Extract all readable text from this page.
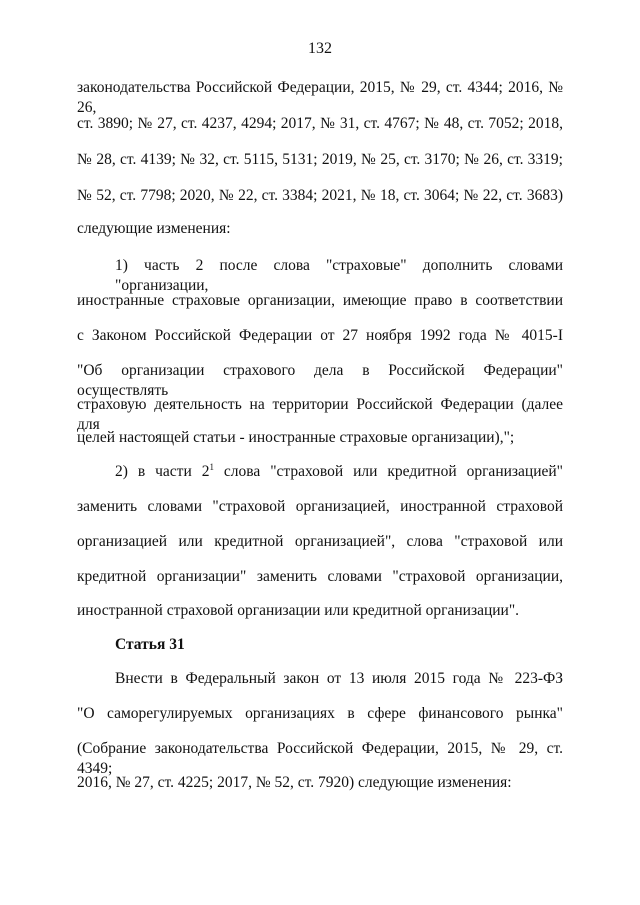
132
законодательства Российской Федерации, 2015, № 29, ст. 4344; 2016, № 26,
ст. 3890; № 27, ст. 4237, 4294; 2017, № 31, ст. 4767; № 48, ст. 7052; 2018,
№ 28, ст. 4139; № 32, ст. 5115, 5131; 2019, № 25, ст. 3170; № 26, ст. 3319;
№ 52, ст. 7798; 2020, № 22, ст. 3384; 2021, № 18, ст. 3064; № 22, ст. 3683)
следующие изменения:
1) часть 2 после слова "страховые" дополнить словами "организации,
иностранные страховые организации, имеющие право в соответствии
с Законом Российской Федерации от 27 ноября 1992 года № 4015-I
"Об организации страхового дела в Российской Федерации" осуществлять
страховую деятельность на территории Российской Федерации (далее для
целей настоящей статьи - иностранные страховые организации),";
2) в части $2^1$ слова "страховой или кредитной организацией"
заменить словами "страховой организацией, иностранной страховой
организацией или кредитной организацией", слова "страховой или
кредитной организации" заменить словами "страховой организации,
иностранной страховой организации или кредитной организации".
Статья 31
Внести в Федеральный закон от 13 июля 2015 года № 223-ФЗ
"О саморегулируемых организациях в сфере финансового рынка"
(Собрание законодательства Российской Федерации, 2015, № 29, ст. 4349;
2016, № 27, ст. 4225; 2017, № 52, ст. 7920) следующие изменения:
